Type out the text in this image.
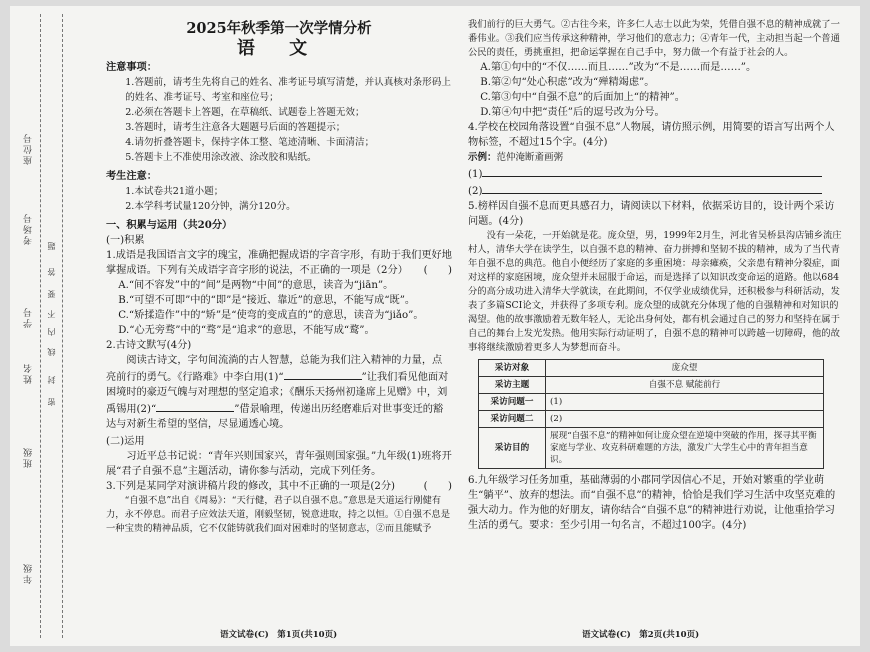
座位号
考场号
学号
姓名
班级
年级
题
答
要
不
内
线
封
密

2025年秋季第一次学情分析

语 文

注意事项：

1.答题前，请考生先将自己的姓名、准考证号填写清楚，并认真核对条形码上的姓名、准考证号、考室和座位号；

2.必须在答题卡上答题，在草稿纸、试题卷上答题无效；

3.答题时，请考生注意各大题题号后面的答题提示；

4.请勿折叠答题卡，保持字体工整、笔迹清晰、卡面清洁；

5.答题卡上不准使用涂改液、涂改胶和贴纸。

考生注意：

1.本试卷共21道小题；

2.本学科考试量120分钟，满分120分。

一、积累与运用（共20分）

(一)积累

1.成语是我国语言文字的瑰宝，准确把握成语的字音字形，有助于我们更好地掌握成语。下列有关成语字音字形的说法，不正确的一项是（2分） (　　)

A.“间不容发”中的“间”是两物“中间”的意思，读音为“jiān”。

B.“可望不可即”中的“即”是“接近、靠近”的意思，不能写成“既”。

C.“矫揉造作”中的“矫”是“使弯的变成直的”的意思，读音为“jiǎo”。

D.“心无旁骛”中的“骛”是“追求”的意思，不能写成“鹜”。

2.古诗文默写(4分)

阅读古诗文，字句间流淌的古人智慧，总能为我们注入精神的力量，点亮前行的勇气。《行路难》中李白用(1)“	”让我们看见他面对困境时的豪迈气魄与对理想的坚定追求；《酬乐天扬州初逢席上见赠》中，刘禹锡用(2)“	”借景喻理，传递出历经磨难后对世事变迁的豁达与对新生希望的坚信，尽显通透心境。

(二)运用

习近平总书记说：“青年兴则国家兴，青年强则国家强。”九年级(1)班将开展“君子自强不息”主题活动，请你参与活动，完成下列任务。

3.下列是某同学对演讲稿片段的修改，其中不正确的一项是(2分)	(　　)

“自强不息”出自《周易》：“天行健，君子以自强不息。”意思是天道运行刚健有力，永不停息。而君子应效法天道，刚毅坚韧，锐意进取，持之以恒。①自强不息是一种宝贵的精神品质，它不仅能铸就我们面对困难时的坚韧意志，②而且能赋予

语文试卷(C)　第1页(共10页)

我们前行的巨大勇气。②古往今来，许多仁人志士以此为荣，凭借自强不息的精神成就了一番伟业。③我们应当传承这种精神，学习他们的意志力；④青年一代，主动担当起一个普通公民的责任，勇挑重担，把命运掌握在自己手中，努力做一个有益于社会的人。

A.第①句中的“不仅……而且……”改为“不是……而是……”。

B.第②句“处心积虑”改为“殚精竭虑”。

C.第③句中“自强不息”的后面加上“的精神”。

D.第④句中把“责任”后的逗号改为分号。

4.学校在校园角落设置“自强不息”人物展，请仿照示例，用简要的语言写出两个人物标签，不超过15个字。(4分)

示例：范仲淹断齑画粥

(1)

(2)

5.榜样因自强不息而更具感召力，请阅读以下材料，依据采访目的，设计两个采访问题。(4分)

没有一朵花，一开始就是花。庞众望，男，1999年2月生，河北省吴桥县沟店铺乡流庄村人，清华大学在读学生，以自强不息的精神、奋力拼搏和坚韧不拔的精神，成为了当代青年自强不息的典范。他自小便经历了家庭的多重困境：母亲瘫痪，父亲患有精神分裂症，面对这样的家庭困境，庞众望并未屈服于命运，而是选择了以知识改变命运的道路。他以684分的高分成功进入清华大学就读，在此期间，不仅学业成绩优异，还积极参与科研活动，发表了多篇SCI论文，并获得了多项专利。庞众望的成就充分体现了他的自强精神和对知识的渴望。他的故事激励着无数年轻人，无论出身何处，都有机会通过自己的努力和坚持在属于自己的舞台上发光发热。他用实际行动证明了，自强不息的精神可以跨越一切障碍，他的故事将继续激励着更多人为梦想而奋斗。

采访对象	庞众望
采访主题	自强不息 赋能前行
采访问题一	(1)
采访问题二	(2)
采访目的	展现“自强不息”的精神如何让庞众望在逆境中突破的作用，探寻其平衡家庭与学业、攻克科研难题的方法，激发广大学生心中的青年担当意识。

6.九年级学习任务加重，基础薄弱的小郡同学因信心不足，开始对繁重的学业萌生“躺平”、放弃的想法。而“自强不息”的精神，恰恰是我们学习生活中攻坚克难的强大动力。作为他的好朋友，请你结合“自强不息”的精神进行劝说，让他重拾学习生活的勇气。要求：至少引用一句名言，不超过100字。(4分)

语文试卷(C)　第2页(共10页)
